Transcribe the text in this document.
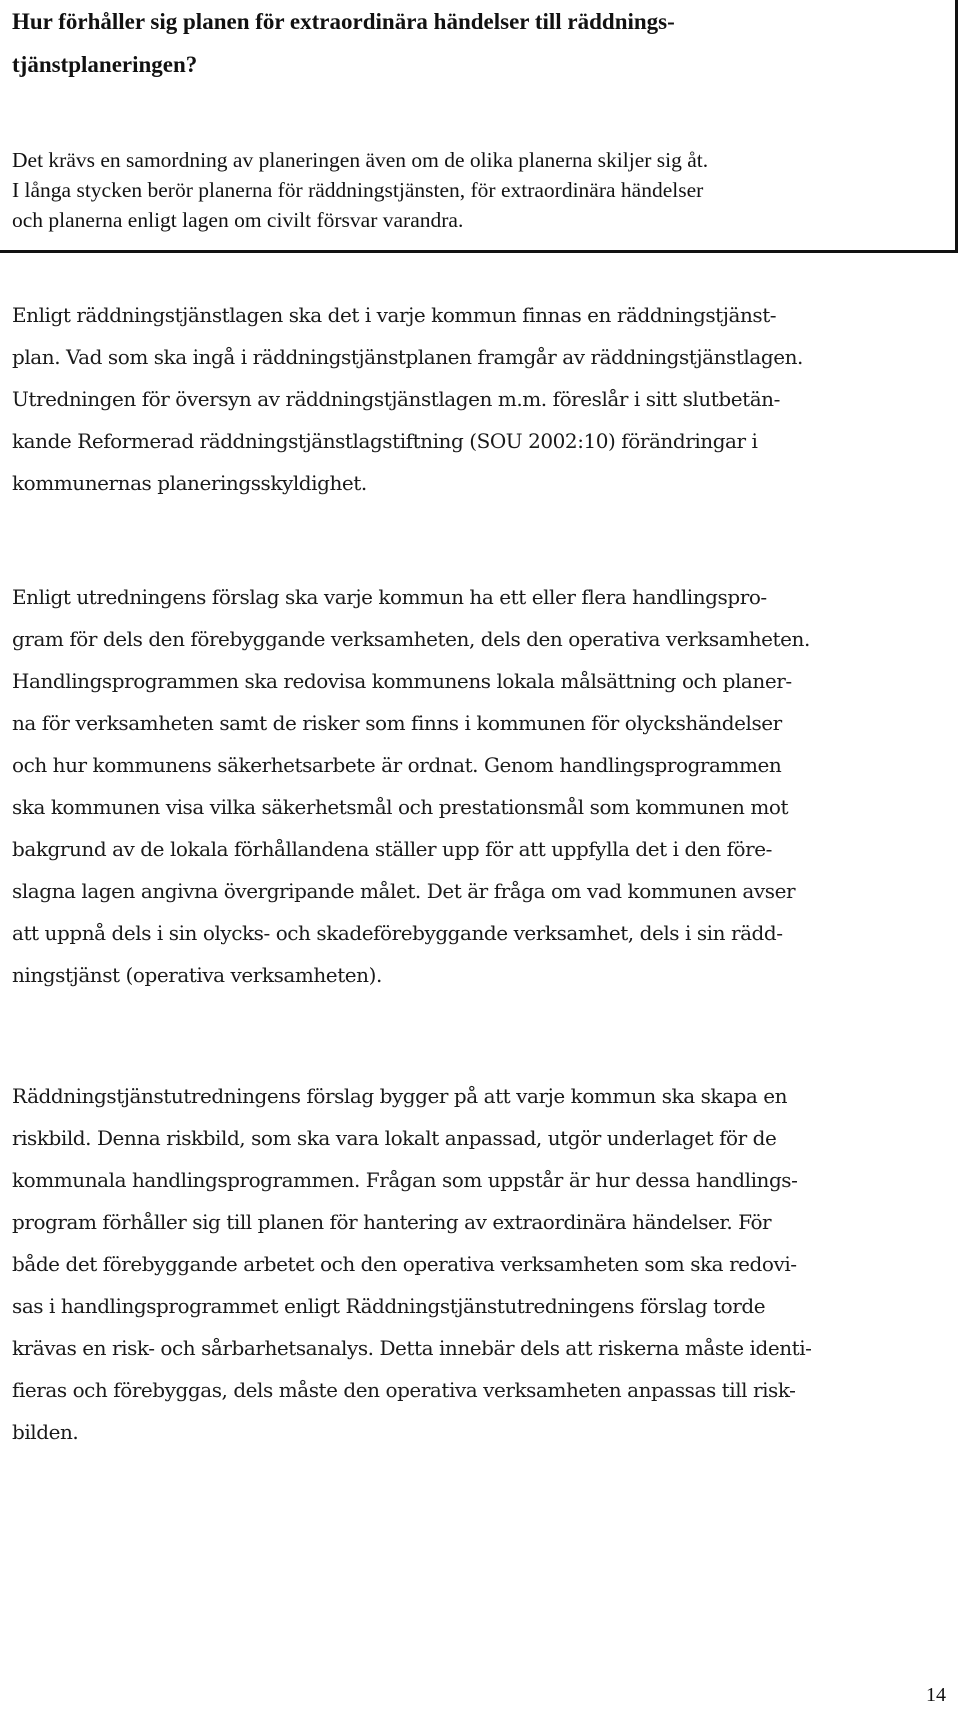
Hur förhåller sig planen för extraordinära händelser till räddnings-
tjänstplaneringen?

Det krävs en samordning av planeringen även om de olika planerna skiljer sig åt.
I långa stycken berör planerna för räddningstjänsten, för extraordinära händelser
och planerna enligt lagen om civilt försvar varandra.

Enligt räddningstjänstlagen ska det i varje kommun finnas en räddningstjänst-
plan. Vad som ska ingå i räddningstjänstplanen framgår av räddningstjänstlagen.
Utredningen för översyn av räddningstjänstlagen m.m. föreslår i sitt slutbetän-
kande Reformerad räddningstjänstlagstiftning (SOU 2002:10) förändringar i
kommunernas planeringsskyldighet.

Enligt utredningens förslag ska varje kommun ha ett eller flera handlingspro-
gram för dels den förebyggande verksamheten, dels den operativa verksamheten.
Handlingsprogrammen ska redovisa kommunens lokala målsättning och planer-
na för verksamheten samt de risker som finns i kommunen för olyckshändelser
och hur kommunens säkerhetsarbete är ordnat. Genom handlingsprogrammen
ska kommunen visa vilka säkerhetsmål och prestationsmål som kommunen mot
bakgrund av de lokala förhållandena ställer upp för att uppfylla det i den före-
slagna lagen angivna övergripande målet. Det är fråga om vad kommunen avser
att uppnå dels i sin olycks- och skadeförebyggande verksamhet, dels i sin rädd-
ningstjänst (operativa verksamheten).

Räddningstjänstutredningens förslag bygger på att varje kommun ska skapa en
riskbild. Denna riskbild, som ska vara lokalt anpassad, utgör underlaget för de
kommunala handlingsprogrammen. Frågan som uppstår är hur dessa handlings-
program förhåller sig till planen för hantering av extraordinära händelser. För
både det förebyggande arbetet och den operativa verksamheten som ska redovi-
sas i handlingsprogrammet enligt Räddningstjänstutredningens förslag torde
krävas en risk- och sårbarhetsanalys. Detta innebär dels att riskerna måste identi-
fieras och förebyggas, dels måste den operativa verksamheten anpassas till risk-
bilden.

14
